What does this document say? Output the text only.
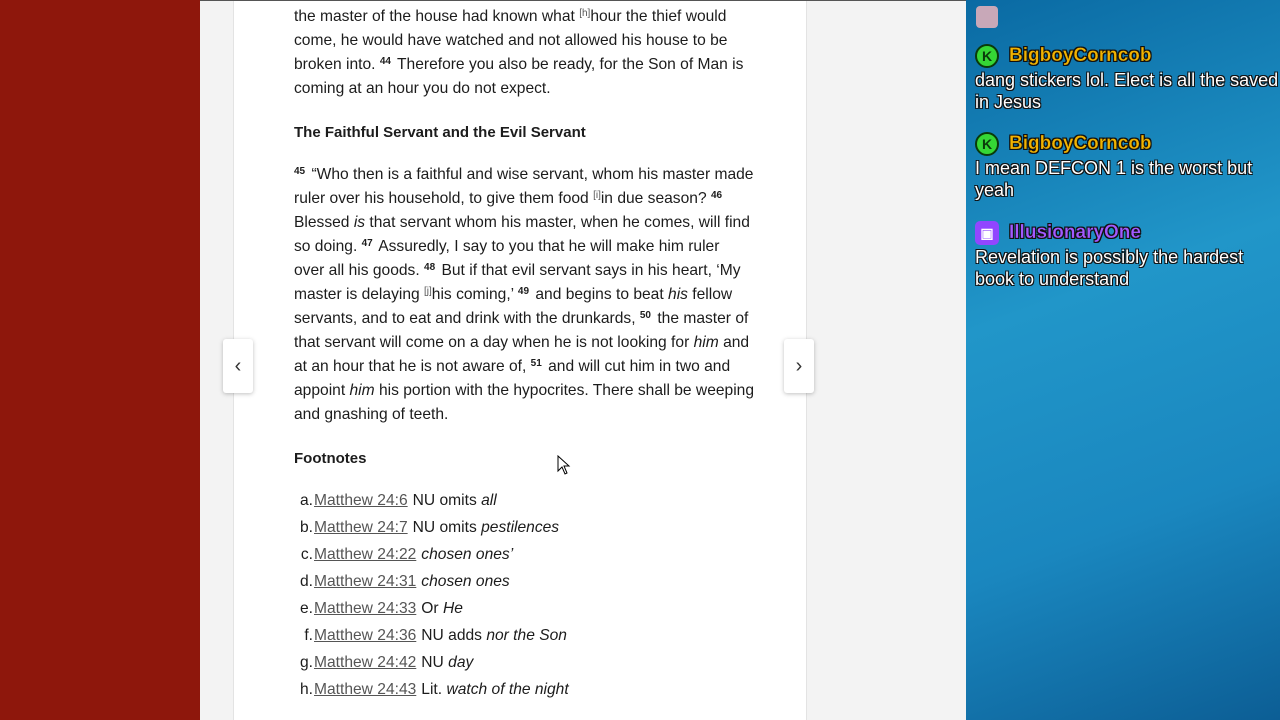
the master of the house had known what [h]hour the thief would come, he would have watched and not allowed his house to be broken into. $^{44}$ Therefore you also be ready, for the Son of Man is coming at an hour you do not expect.

The Faithful Servant and the Evil Servant

$^{45}$ “Who then is a faithful and wise servant, whom his master made ruler over his household, to give them food [i]in due season? $^{46}$ Blessed is that servant whom his master, when he comes, will find so doing. $^{47}$ Assuredly, I say to you that he will make him ruler over all his goods. $^{48}$ But if that evil servant says in his heart, ‘My master is delaying [j]his coming,’ $^{49}$ and begins to beat his fellow servants, and to eat and drink with the drunkards, $^{50}$ the master of that servant will come on a day when he is not looking for him and at an hour that he is not aware of, $^{51}$ and will cut him in two and appoint him his portion with the hypocrites. There shall be weeping and gnashing of teeth.

Footnotes
a. Matthew 24:6 NU omits
all
b. Matthew 24:7 NU omits
pestilences
c. Matthew 24:22 chosen ones’
d. Matthew 24:31 chosen ones
e. Matthew 24:33 Or
He
f. Matthew 24:36 NU adds
nor the Son
g. Matthew 24:42 NU
day
h. Matthew 24:43 Lit.
watch of the night

‹	›
K BigboyCorncob
dang stickers lol. Elect is all the saved in Jesus
K BigboyCorncob
I mean DEFCON 1 is the worst but yeah
▣ IllusionaryOne
Revelation is possibly the hardest book to understand
